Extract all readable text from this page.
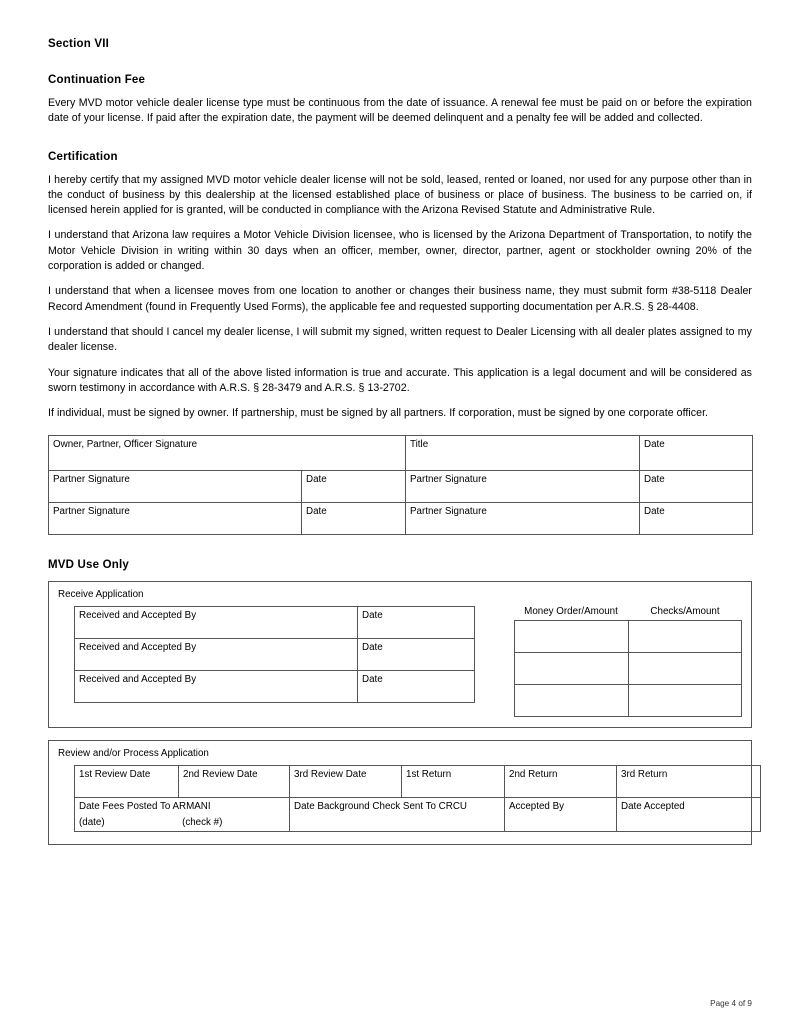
Section VII
Continuation Fee

Every MVD motor vehicle dealer license type must be continuous from the date of issuance. A renewal fee must be paid on or before the expiration date of your license. If paid after the expiration date, the payment will be deemed delinquent and a penalty fee will be added and collected.

Certification

I hereby certify that my assigned MVD motor vehicle dealer license will not be sold, leased, rented or loaned, nor used for any purpose other than in the conduct of business by this dealership at the licensed established place of business or place of business. The business to be carried on, if licensed herein applied for is granted, will be conducted in compliance with the Arizona Revised Statute and Administrative Rule.

I understand that Arizona law requires a Motor Vehicle Division licensee, who is licensed by the Arizona Department of Transportation, to notify the Motor Vehicle Division in writing within 30 days when an officer, member, owner, director, partner, agent or stockholder owning 20% of the corporation is added or changed.

I understand that when a licensee moves from one location to another or changes their business name, they must submit form #38-5118 Dealer Record Amendment (found in Frequently Used Forms), the applicable fee and requested supporting documentation per A.R.S. § 28-4408.

I understand that should I cancel my dealer license, I will submit my signed, written request to Dealer Licensing with all dealer plates assigned to my dealer license.

Your signature indicates that all of the above listed information is true and accurate. This application is a legal document and will be considered as sworn testimony in accordance with A.R.S. § 28-3479 and A.R.S. § 13-2702.

If individual, must be signed by owner. If partnership, must be signed by all partners. If corporation, must be signed by one corporate officer.

Owner, Partner, Officer Signature		Title	Date
Partner Signature	Date	Partner Signature	Date
Partner Signature	Date	Partner Signature	Date
MVD Use Only
Receive Application
Received and Accepted By	Date
Received and Accepted By	Date
Received and Accepted By	Date
Money Order/Amount	Checks/Amount

Review and/or Process Application
1st Review Date	2nd Review Date	3rd Review Date	1st Return	2nd Return	3rd Return
Date Fees Posted To ARMANI
(date) (check #)		Date Background Check Sent To CRCU		Accepted By	Date Accepted
Page 4 of 9
